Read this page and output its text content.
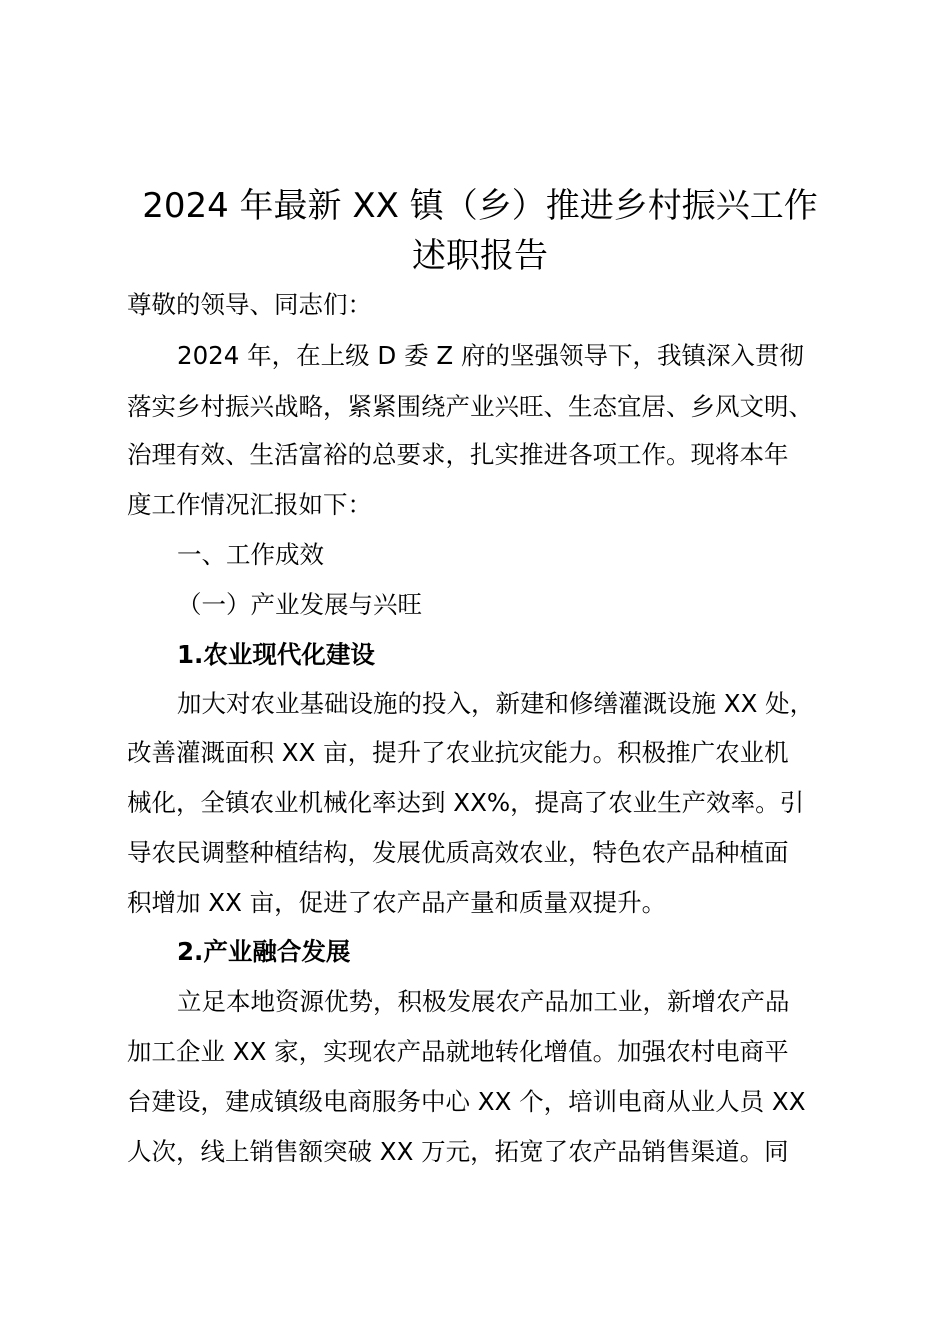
2024 年最新 XX 镇（乡）推进乡村振兴工作
述职报告
尊敬的领导、同志们：
2024 年，在上级 D 委 Z 府的坚强领导下，我镇深入贯彻
落实乡村振兴战略，紧紧围绕产业兴旺、生态宜居、乡风文明、
治理有效、生活富裕的总要求，扎实推进各项工作。现将本年
度工作情况汇报如下：
一、工作成效
（一）产业发展与兴旺
1.农业现代化建设
加大对农业基础设施的投入，新建和修缮灌溉设施 XX 处，
改善灌溉面积 XX 亩，提升了农业抗灾能力。积极推广农业机
械化，全镇农业机械化率达到 XX%，提高了农业生产效率。引
导农民调整种植结构，发展优质高效农业，特色农产品种植面
积增加 XX 亩，促进了农产品产量和质量双提升。
2.产业融合发展
立足本地资源优势，积极发展农产品加工业，新增农产品
加工企业 XX 家，实现农产品就地转化增值。加强农村电商平
台建设，建成镇级电商服务中心 XX 个，培训电商从业人员 XX
人次，线上销售额突破 XX 万元，拓宽了农产品销售渠道。同
